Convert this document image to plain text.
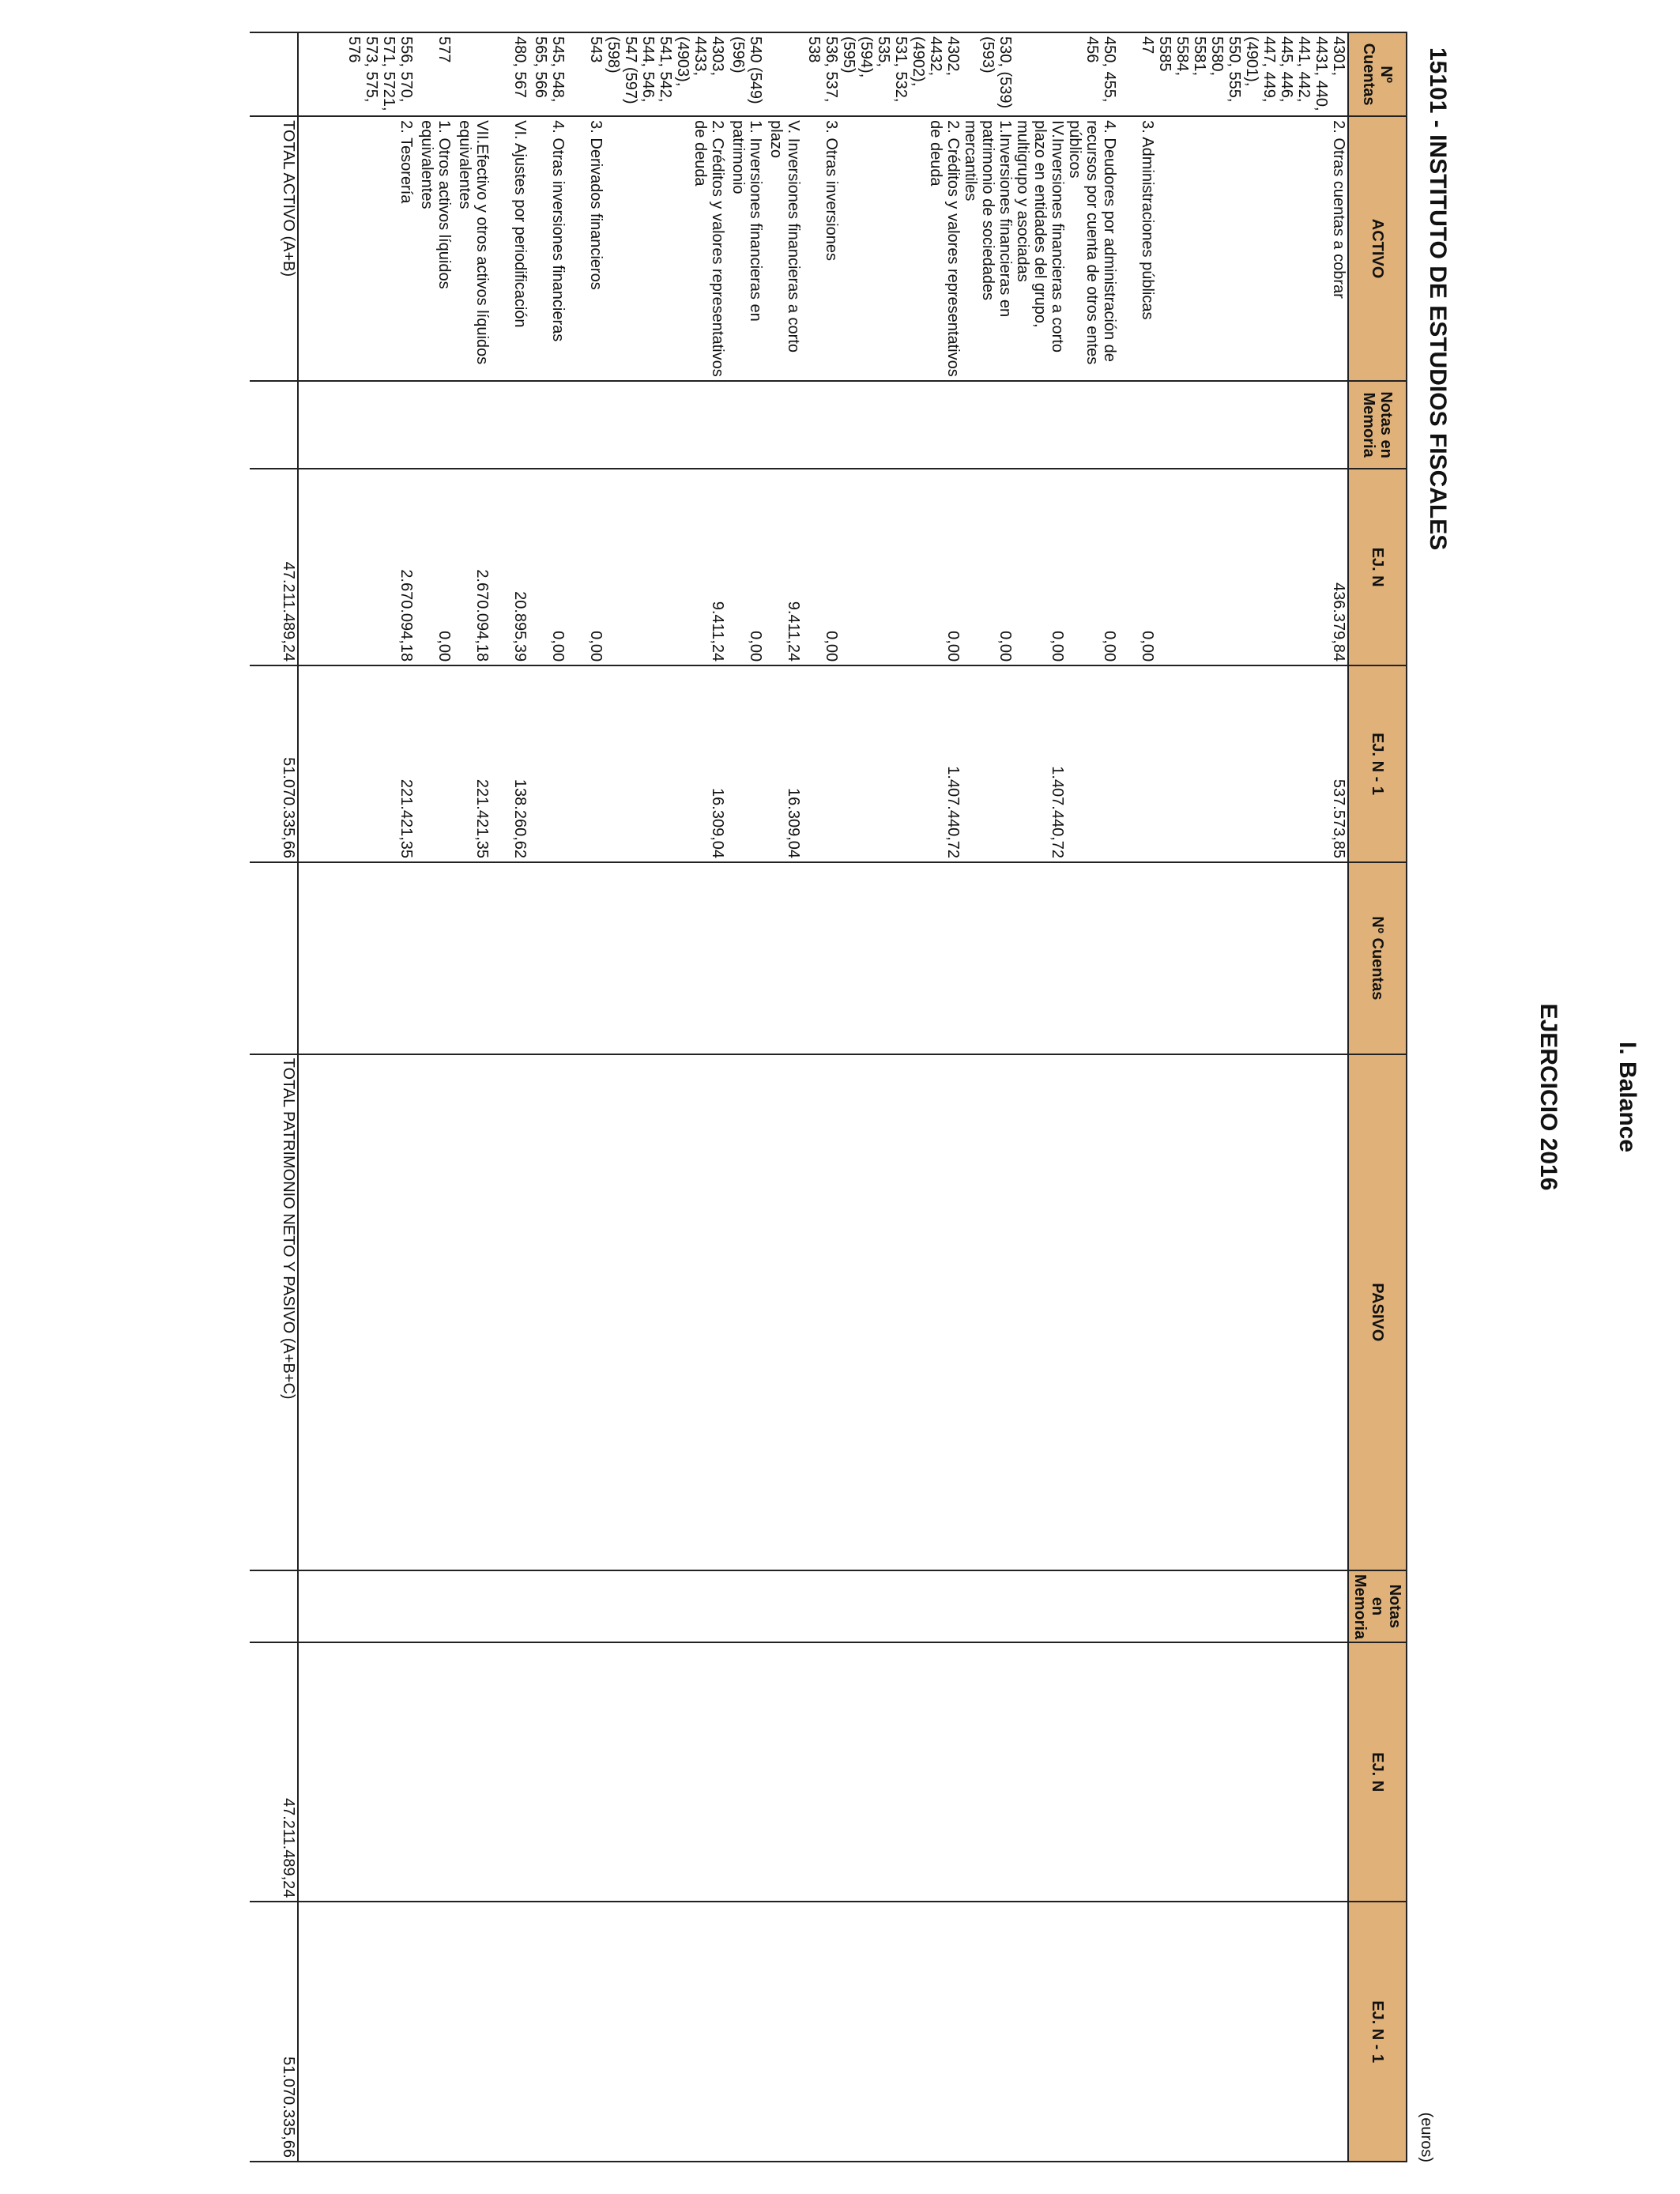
I. Balance
EJERCICIO 2016
15101 - INSTITUTO DE ESTUDIOS FISCALES
(euros)
Nº Cuentas	ACTIVO	Notas en Memoria	EJ. N	EJ. N - 1	Nº Cuentas	PASIVO	Notas en Memoria	EJ. N	EJ. N - 1
4301, 4431, 440, 441, 442, 445, 446, 447, 449, (4901), 550, 555, 5580, 5581, 5584, 5585	2. Otras cuentas a cobrar		436.379,84	537.573,85					
47	3. Administraciones públicas		0,00						
450, 455, 456	4. Deudores por administración de recursos por cuenta de otros entes públicos		0,00						
	IV.Inversiones financieras a corto plazo en entidades del grupo, multigrupo y asociadas		0,00	1.407.440,72					
530, (539) (593)	1.Inversiones financieras en patrimonio de sociedades mercantiles		0,00						
4302, 4432, (4902), 531, 532, 535, (594), (595)	2. Créditos y valores representativos de deuda		0,00	1.407.440,72					
536, 537, 538	3. Otras inversiones		0,00						
	V. Inversiones financieras a corto plazo		9.411,24	16.309,04					
540 (549) (596)	1. Inversiones financieras en patrimonio		0,00						
4303, 4433, (4903), 541, 542, 544, 546, 547 (597) (598)	2. Créditos y valores representativos de deuda		9.411,24	16.309,04					
543	3. Derivados financieros		0,00						
545, 548, 565, 566	4. Otras inversiones financieras		0,00						
480, 567	VI. Ajustes por periodificación		20.895,39	138.260,62					
	VII.Efectivo y otros activos líquidos equivalentes		2.670.094,18	221.421,35					
577	1. Otros activos líquidos equivalentes		0,00						
556, 570, 571, 5721, 573, 575, 576	2. Tesorería		2.670.094,18	221.421,35					

	TOTAL ACTIVO (A+B)		47.211.489,24	51.070.335,66		TOTAL PATRIMONIO NETO Y PASIVO (A+B+C)		47.211.489,24	51.070.335,66
